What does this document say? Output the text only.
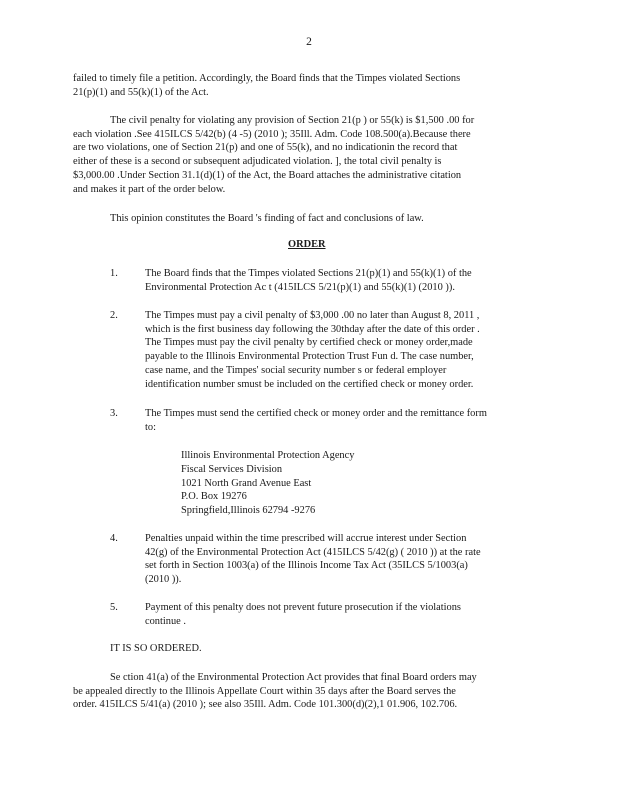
2
failed to timely file a petition. Accordingly, the Board finds that the Timpes violated Sections
21(p)(1) and 55(k)(1) of the Act.
The civil penalty for violating any provision of Section 21(p ) or 55(k) is $1,500 .00 for
each violation .See 415ILCS 5/42(b) (4 -5) (2010 ); 35Ill. Adm. Code 108.500(a).Because there
are two violations, one of Section 21(p) and one of 55(k), and no indicationin the record that
either of these is a second or subsequent adjudicated violation. ], the total civil penalty is
$3,000.00 .Under Section 31.1(d)(1) of the Act, the Board attaches the administrative citation
and makes it part of the order below.
This opinion constitutes the Board 's finding of fact and conclusions of law.
ORDER
1.	The Board finds that the Timpes violated Sections 21(p)(1) and 55(k)(1) of the
Environmental Protection Ac t (415ILCS 5/21(p)(1) and 55(k)(1) (2010 )).
2.	The Timpes must pay a civil penalty of $3,000 .00 no later than August 8, 2011 ,
which is the first business day following the 30thday after the date of this order .
The Timpes must pay the civil penalty by certified check or money order,made
payable to the Illinois Environmental Protection Trust Fun d. The case number,
case name, and the Timpes' social security number s or federal employer
identification number smust be included on the certified check or money order.
3.	The Timpes must send the certified check or money order and the remittance form
to:
Illinois Environmental Protection Agency
Fiscal Services Division
1021 North Grand Avenue East
P.O. Box 19276
Springfield,Illinois 62794 -9276
4.	Penalties unpaid within the time prescribed will accrue interest under Section
42(g) of the Environmental Protection Act (415ILCS 5/42(g) ( 2010 )) at the rate
set forth in Section 1003(a) of the Illinois Income Tax Act (35ILCS 5/1003(a)
(2010 )).
5.	Payment of this penalty does not prevent future prosecution if the violations
continue .
IT IS SO ORDERED.
Se ction 41(a) of the Environmental Protection Act provides that final Board orders may
be appealed directly to the Illinois Appellate Court within 35 days after the Board serves the
order. 415ILCS 5/41(a) (2010 ); see also 35Ill. Adm. Code 101.300(d)(2),1 01.906, 102.706.
